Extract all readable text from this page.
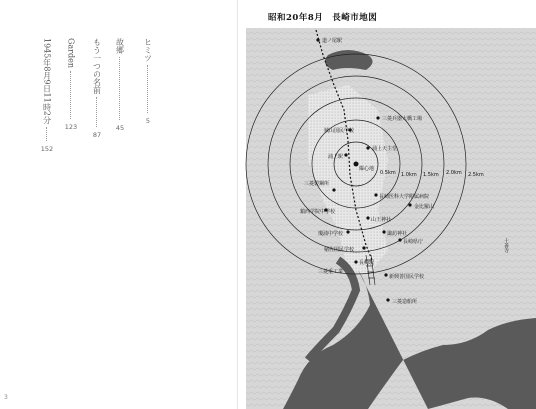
ヒミツ
5
故郷
45
もう一つの名前
87
Garden
123
1945年8月9日11時2分
152
3
昭和20年8月　長崎市地図
0.5km 1.0km 1.5km 2.0km 2.5km
道ノ尾駅
三菱兵器大橋工場
城山国民学校
浦上天主堂
浦上駅
爆心地
長崎医科大学附属病院
三菱製鋼所
金比羅山
山王神社
鎮西学院中学校
諏訪神社
瓊浦中学校
稲佐国民学校
長崎県庁
長崎駅
新興善国民学校
三菱重工業
三菱造船所
十善寺
